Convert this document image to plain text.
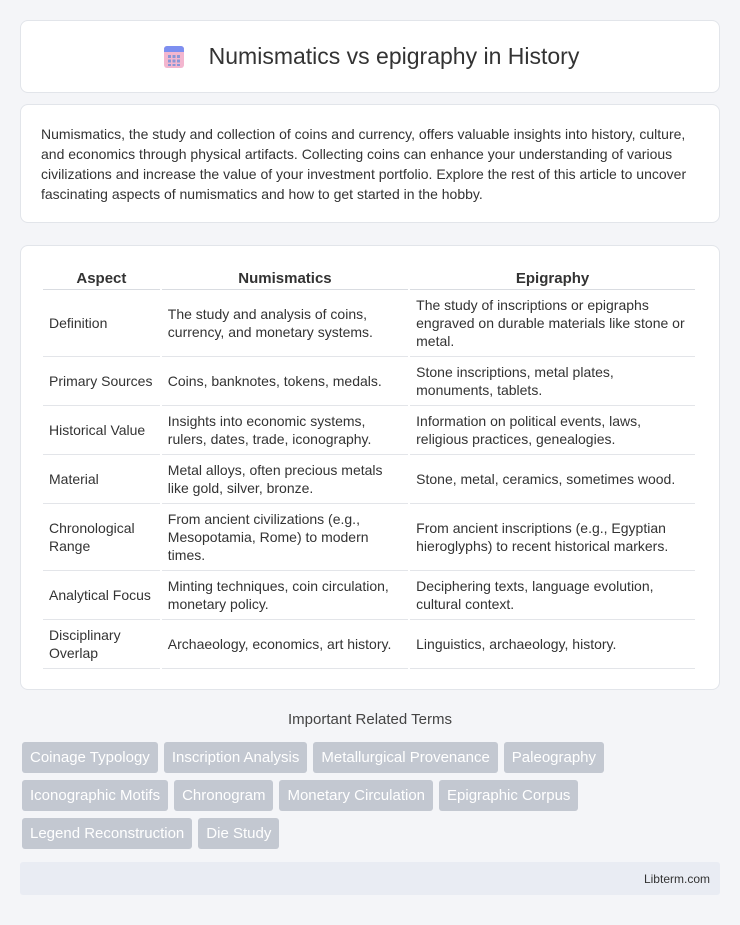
Numismatics vs epigraphy in History

Numismatics, the study and collection of coins and currency, offers valuable insights into history, culture, and economics through physical artifacts. Collecting coins can enhance your understanding of various civilizations and increase the value of your investment portfolio. Explore the rest of this article to uncover fascinating aspects of numismatics and how to get started in the hobby.

Aspect	Numismatics	Epigraphy
Definition	The study and analysis of coins, currency, and monetary systems.	The study of inscriptions or epigraphs engraved on durable materials like stone or metal.
Primary Sources	Coins, banknotes, tokens, medals.	Stone inscriptions, metal plates, monuments, tablets.
Historical Value	Insights into economic systems, rulers, dates, trade, iconography.	Information on political events, laws, religious practices, genealogies.
Material	Metal alloys, often precious metals like gold, silver, bronze.	Stone, metal, ceramics, sometimes wood.
Chronological Range	From ancient civilizations (e.g., Mesopotamia, Rome) to modern times.	From ancient inscriptions (e.g., Egyptian hieroglyphs) to recent historical markers.
Analytical Focus	Minting techniques, coin circulation, monetary policy.	Deciphering texts, language evolution, cultural context.
Disciplinary Overlap	Archaeology, economics, art history.	Linguistics, archaeology, history.
Important Related Terms
Coinage Typology	Inscription Analysis	Metallurgical Provenance	Paleography
Iconographic Motifs	Chronogram	Monetary Circulation	Epigraphic Corpus
Legend Reconstruction	Die Study
Libterm.com
